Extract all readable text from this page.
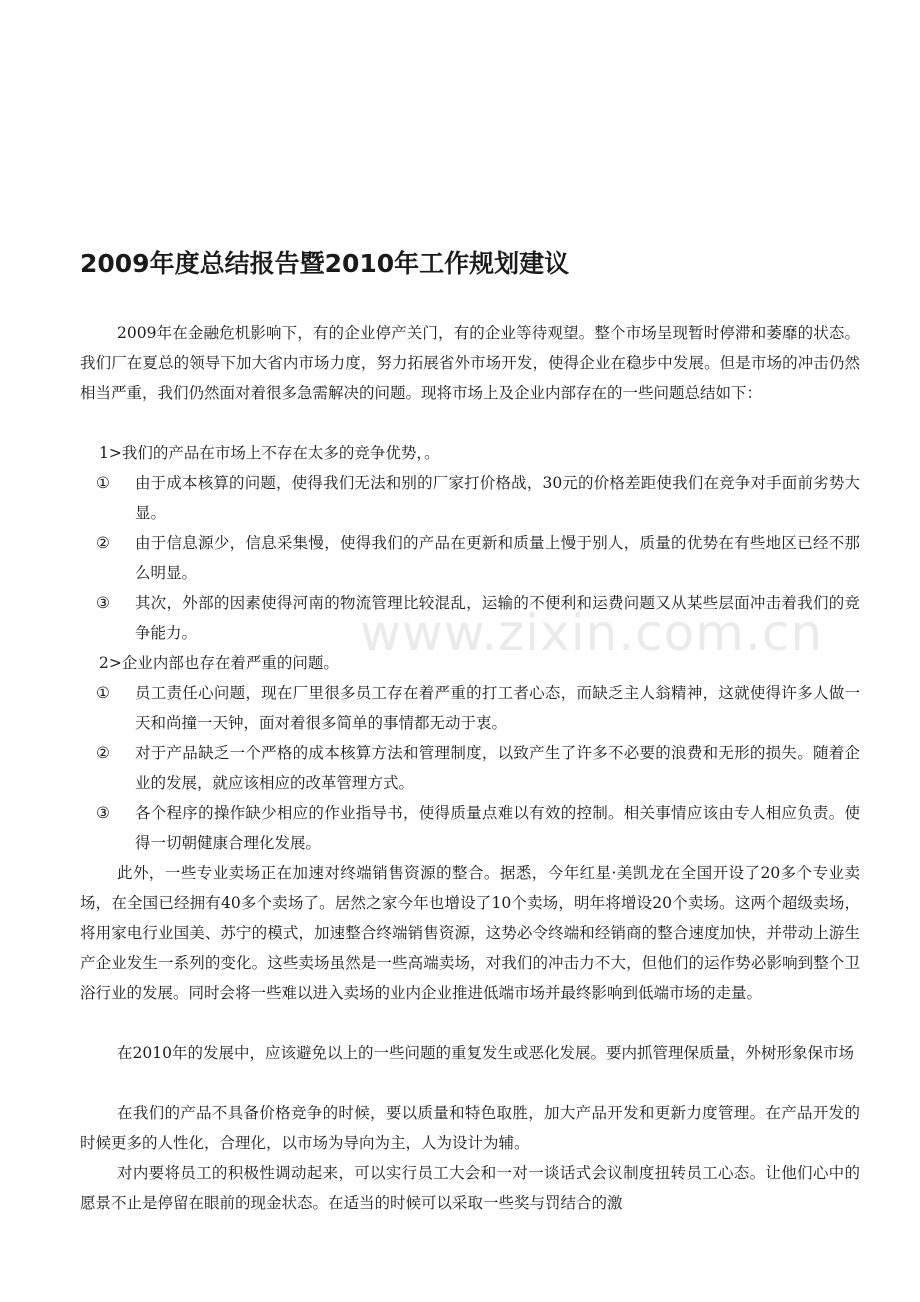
2009年度总结报告暨2010年工作规划建议
2009年在金融危机影响下，有的企业停产关门，有的企业等待观望。整个市场呈现暂时停滞和萎靡的状态。我们厂在夏总的领导下加大省内市场力度，努力拓展省外市场开发，使得企业在稳步中发展。但是市场的冲击仍然相当严重，我们仍然面对着很多急需解决的问题。现将市场上及企业内部存在的一些问题总结如下：
1>我们的产品在市场上不存在太多的竞争优势，。
①	由于成本核算的问题，使得我们无法和别的厂家打价格战，30元的价格差距使我们在竞争对手面前劣势大显。
②	由于信息源少，信息采集慢，使得我们的产品在更新和质量上慢于别人，质量的优势在有些地区已经不那么明显。
③	其次，外部的因素使得河南的物流管理比较混乱，运输的不便利和运费问题又从某些层面冲击着我们的竞争能力。
2>企业内部也存在着严重的问题。
①	员工责任心问题，现在厂里很多员工存在着严重的打工者心态，而缺乏主人翁精神，这就使得许多人做一天和尚撞一天钟，面对着很多简单的事情都无动于衷。
②	对于产品缺乏一个严格的成本核算方法和管理制度，以致产生了许多不必要的浪费和无形的损失。随着企业的发展，就应该相应的改革管理方式。
③	各个程序的操作缺少相应的作业指导书，使得质量点难以有效的控制。相关事情应该由专人相应负责。使得一切朝健康合理化发展。
此外，一些专业卖场正在加速对终端销售资源的整合。据悉，今年红星·美凯龙在全国开设了20多个专业卖场，在全国已经拥有40多个卖场了。居然之家今年也增设了10个卖场，明年将增设20个卖场。这两个超级卖场，将用家电行业国美、苏宁的模式，加速整合终端销售资源，这势必令终端和经销商的整合速度加快，并带动上游生产企业发生一系列的变化。这些卖场虽然是一些高端卖场，对我们的冲击力不大，但他们的运作势必影响到整个卫浴行业的发展。同时会将一些难以进入卖场的业内企业推进低端市场并最终影响到低端市场的走量。
在2010年的发展中，应该避免以上的一些问题的重复发生或恶化发展。要内抓管理保质量，外树形象保市场
在我们的产品不具备价格竞争的时候，要以质量和特色取胜，加大产品开发和更新力度管理。在产品开发的时候更多的人性化，合理化，以市场为导向为主，人为设计为辅。
对内要将员工的积极性调动起来，可以实行员工大会和一对一谈话式会议制度扭转员工心态。让他们心中的愿景不止是停留在眼前的现金状态。在适当的时候可以采取一些奖与罚结合的激
www.zixin.com.cn
